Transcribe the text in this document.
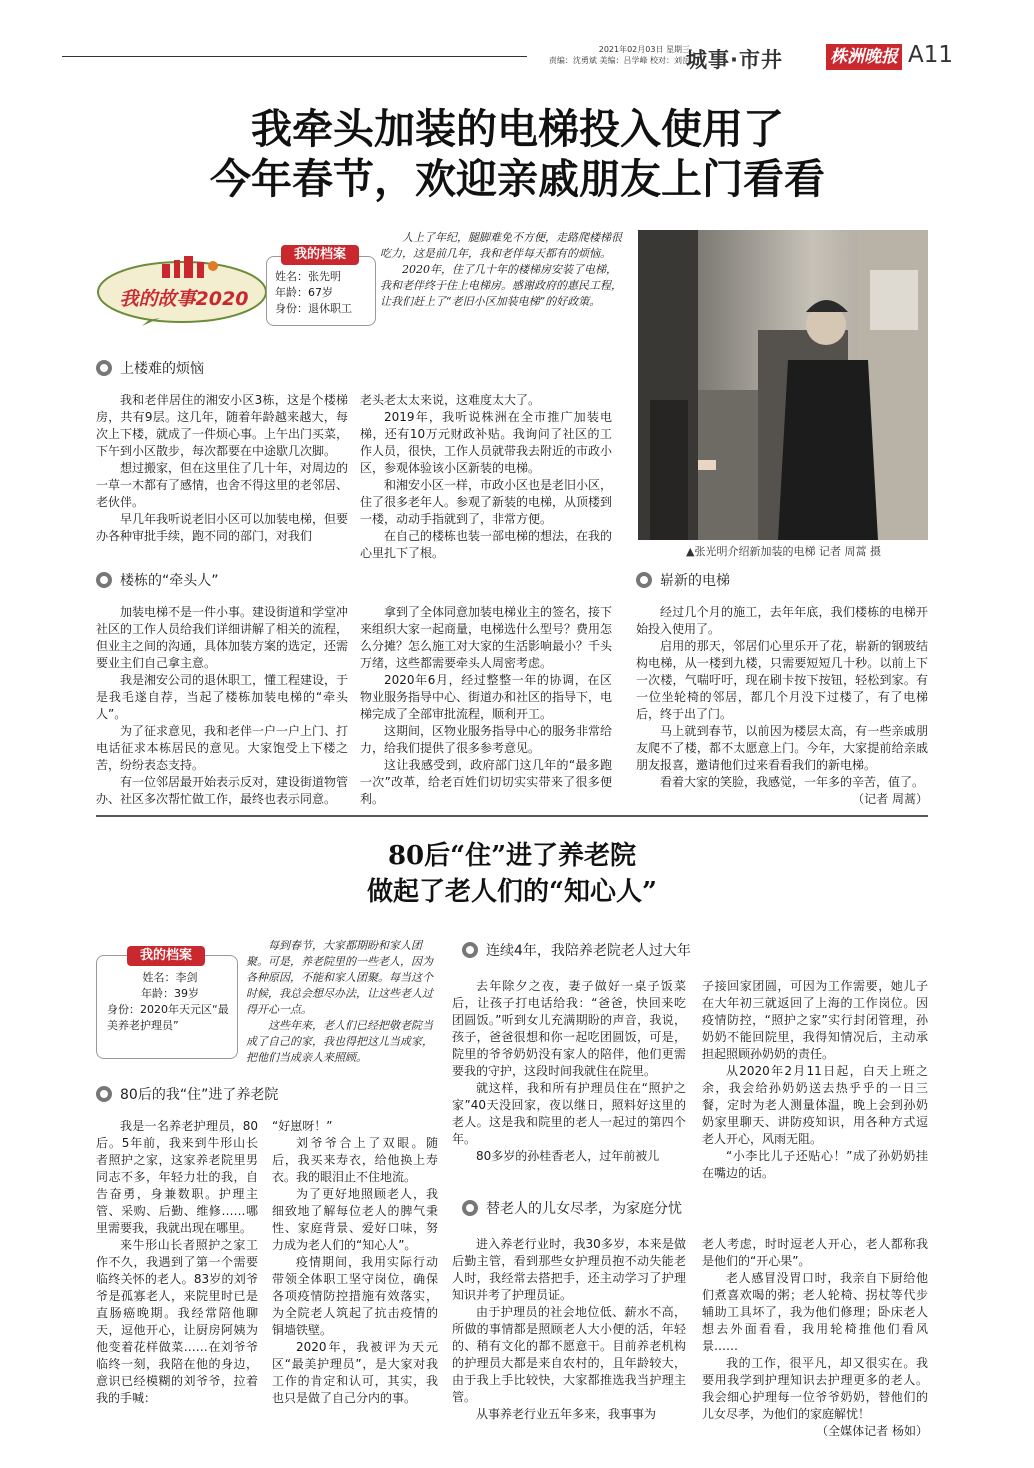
2021年02月03日 星期三
责编：沈勇斌 美编：吕学峰 校对：刘岳
城事·市井	株洲晚报 A11
我牵头加装的电梯投入使用了
今年春节，欢迎亲戚朋友上门看看
我的故事2020
我的档案
姓名：张先明
年龄：67岁
身份：退休职工

人上了年纪，腿脚难免不方便，走路爬楼梯很吃力，这是前几年，我和老伴每天都有的烦恼。

2020年，住了几十年的楼梯房安装了电梯，我和老伴终于住上电梯房。感谢政府的惠民工程，让我们赶上了“老旧小区加装电梯”的好政策。

▲张光明介绍新加装的电梯 记者 周蒿 摄
上楼难的烦恼

我和老伴居住的湘安小区3栋，这是个楼梯房，共有9层。这几年，随着年龄越来越大，每次上下楼，就成了一件烦心事。上午出门买菜，下午到小区散步，每次都要在中途歇几次脚。

想过搬家，但在这里住了几十年，对周边的一草一木都有了感情，也舍不得这里的老邻居、老伙伴。

早几年我听说老旧小区可以加装电梯，但要办各种审批手续，跑不同的部门，对我们

老头老太太来说，这难度太大了。

2019年，我听说株洲在全市推广加装电梯，还有10万元财政补贴。我询问了社区的工作人员，很快，工作人员就带我去附近的市政小区，参观体验该小区新装的电梯。

和湘安小区一样，市政小区也是老旧小区，住了很多老年人。参观了新装的电梯，从顶楼到一楼，动动手指就到了，非常方便。

在自己的楼栋也装一部电梯的想法，在我的心里扎下了根。

楼栋的“牵头人”

加装电梯不是一件小事。建设街道和学堂冲社区的工作人员给我们详细讲解了相关的流程，但业主之间的沟通，具体加装方案的选定，还需要业主们自己拿主意。

我是湘安公司的退休职工，懂工程建设，于是我毛遂自荐，当起了楼栋加装电梯的“牵头人”。

为了征求意见，我和老伴一户一户上门、打电话征求本栋居民的意见。大家饱受上下楼之苦，纷纷表态支持。

有一位邻居最开始表示反对，建设街道物管办、社区多次帮忙做工作，最终也表示同意。

拿到了全体同意加装电梯业主的签名，接下来组织大家一起商量，电梯选什么型号？费用怎么分摊？怎么施工对大家的生活影响最小？千头万绪，这些都需要牵头人周密考虑。

2020年6月，经过整整一年的协调，在区物业服务指导中心、街道办和社区的指导下，电梯完成了全部审批流程，顺利开工。

这期间，区物业服务指导中心的服务非常给力，给我们提供了很多参考意见。

这让我感受到，政府部门这几年的“最多跑一次”改革，给老百姓们切切实实带来了很多便利。

崭新的电梯

经过几个月的施工，去年年底，我们楼栋的电梯开始投入使用了。

启用的那天，邻居们心里乐开了花，崭新的钢玻结构电梯，从一楼到九楼，只需要短短几十秒。以前上下一次楼，气喘吁吁，现在刷卡按下按钮，轻松到家。有一位坐轮椅的邻居，都几个月没下过楼了，有了电梯后，终于出了门。

马上就到春节，以前因为楼层太高，有一些亲戚朋友爬不了楼，都不太愿意上门。今年，大家提前给亲戚朋友报喜，邀请他们过来看看我们的新电梯。

看着大家的笑脸，我感觉，一年多的辛苦，值了。

（记者 周蒿）
80后“住”进了养老院
做起了老人们的“知心人”
我的档案
姓名：李剑
年龄：39岁
身份：2020年天元区“最美养老护理员”

每到春节，大家都期盼和家人团聚。可是，养老院里的一些老人，因为各种原因，不能和家人团聚。每当这个时候，我总会想尽办法，让这些老人过得开心一点。

这些年来，老人们已经把敬老院当成了自己的家，我也得把这儿当成家，把他们当成亲人来照顾。

80后的我“住”进了养老院

我是一名养老护理员，80后。5年前，我来到牛形山长者照护之家，这家养老院里男同志不多，年轻力壮的我，自告奋勇，身兼数职。护理主管、采购、后勤、维修……哪里需要我，我就出现在哪里。

来牛形山长者照护之家工作不久，我遇到了第一个需要临终关怀的老人。83岁的刘爷爷是孤寡老人，来院里时已是直肠癌晚期。我经常陪他聊天，逗他开心，让厨房阿姨为他变着花样做菜……在刘爷爷临终一刻，我陪在他的身边，意识已经模糊的刘爷爷，拉着我的手喊：

“好崽呀！”

刘爷爷合上了双眼。随后，我买来寿衣，给他换上寿衣。我的眼泪止不住地流。

为了更好地照顾老人，我细致地了解每位老人的脾气秉性、家庭背景、爱好口味，努力成为老人们的“知心人”。

疫情期间，我用实际行动带领全体职工坚守岗位，确保各项疫情防控措施有效落实，为全院老人筑起了抗击疫情的铜墙铁壁。

2020年，我被评为天元区“最美护理员”，是大家对我工作的肯定和认可，其实，我也只是做了自己分内的事。

连续4年，我陪养老院老人过大年

去年除夕之夜，妻子做好一桌子饭菜后，让孩子打电话给我：“爸爸，快回来吃团圆饭。”听到女儿充满期盼的声音，我说，孩子，爸爸很想和你一起吃团圆饭，可是，院里的爷爷奶奶没有家人的陪伴，他们更需要我的守护，这段时间我就住在院里。

就这样，我和所有护理员住在“照护之家”40天没回家，夜以继日，照料好这里的老人。这是我和院里的老人一起过的第四个年。

80多岁的孙桂香老人，过年前被儿

子接回家团圆，可因为工作需要，她儿子在大年初三就返回了上海的工作岗位。因疫情防控，“照护之家”实行封闭管理，孙奶奶不能回院里，我得知情况后，主动承担起照顾孙奶奶的责任。

从2020年2月11日起，白天上班之余，我会给孙奶奶送去热乎乎的一日三餐，定时为老人测量体温，晚上会到孙奶奶家里聊天、讲防疫知识，用各种方式逗老人开心，风雨无阻。

“小李比儿子还贴心！”成了孙奶奶挂在嘴边的话。

替老人的儿女尽孝，为家庭分忧

进入养老行业时，我30多岁，本来是做后勤主管，看到那些女护理员抱不动失能老人时，我经常去搭把手，还主动学习了护理知识并考了护理员证。

由于护理员的社会地位低、薪水不高，所做的事情都是照顾老人大小便的活，年轻的、稍有文化的都不愿意干。目前养老机构的护理员大都是来自农村的，且年龄较大，由于我上手比较快，大家都推选我当护理主管。

从事养老行业五年多来，我事事为

老人考虑，时时逗老人开心，老人都称我是他们的“开心果”。

老人感冒没胃口时，我亲自下厨给他们煮喜欢喝的粥；老人轮椅、拐杖等代步辅助工具坏了，我为他们修理；卧床老人想去外面看看，我用轮椅推他们看风景……

我的工作，很平凡，却又很实在。我要用我学到护理知识去护理更多的老人。我会细心护理每一位爷爷奶奶，替他们的儿女尽孝，为他们的家庭解忧！

（全媒体记者 杨如）
